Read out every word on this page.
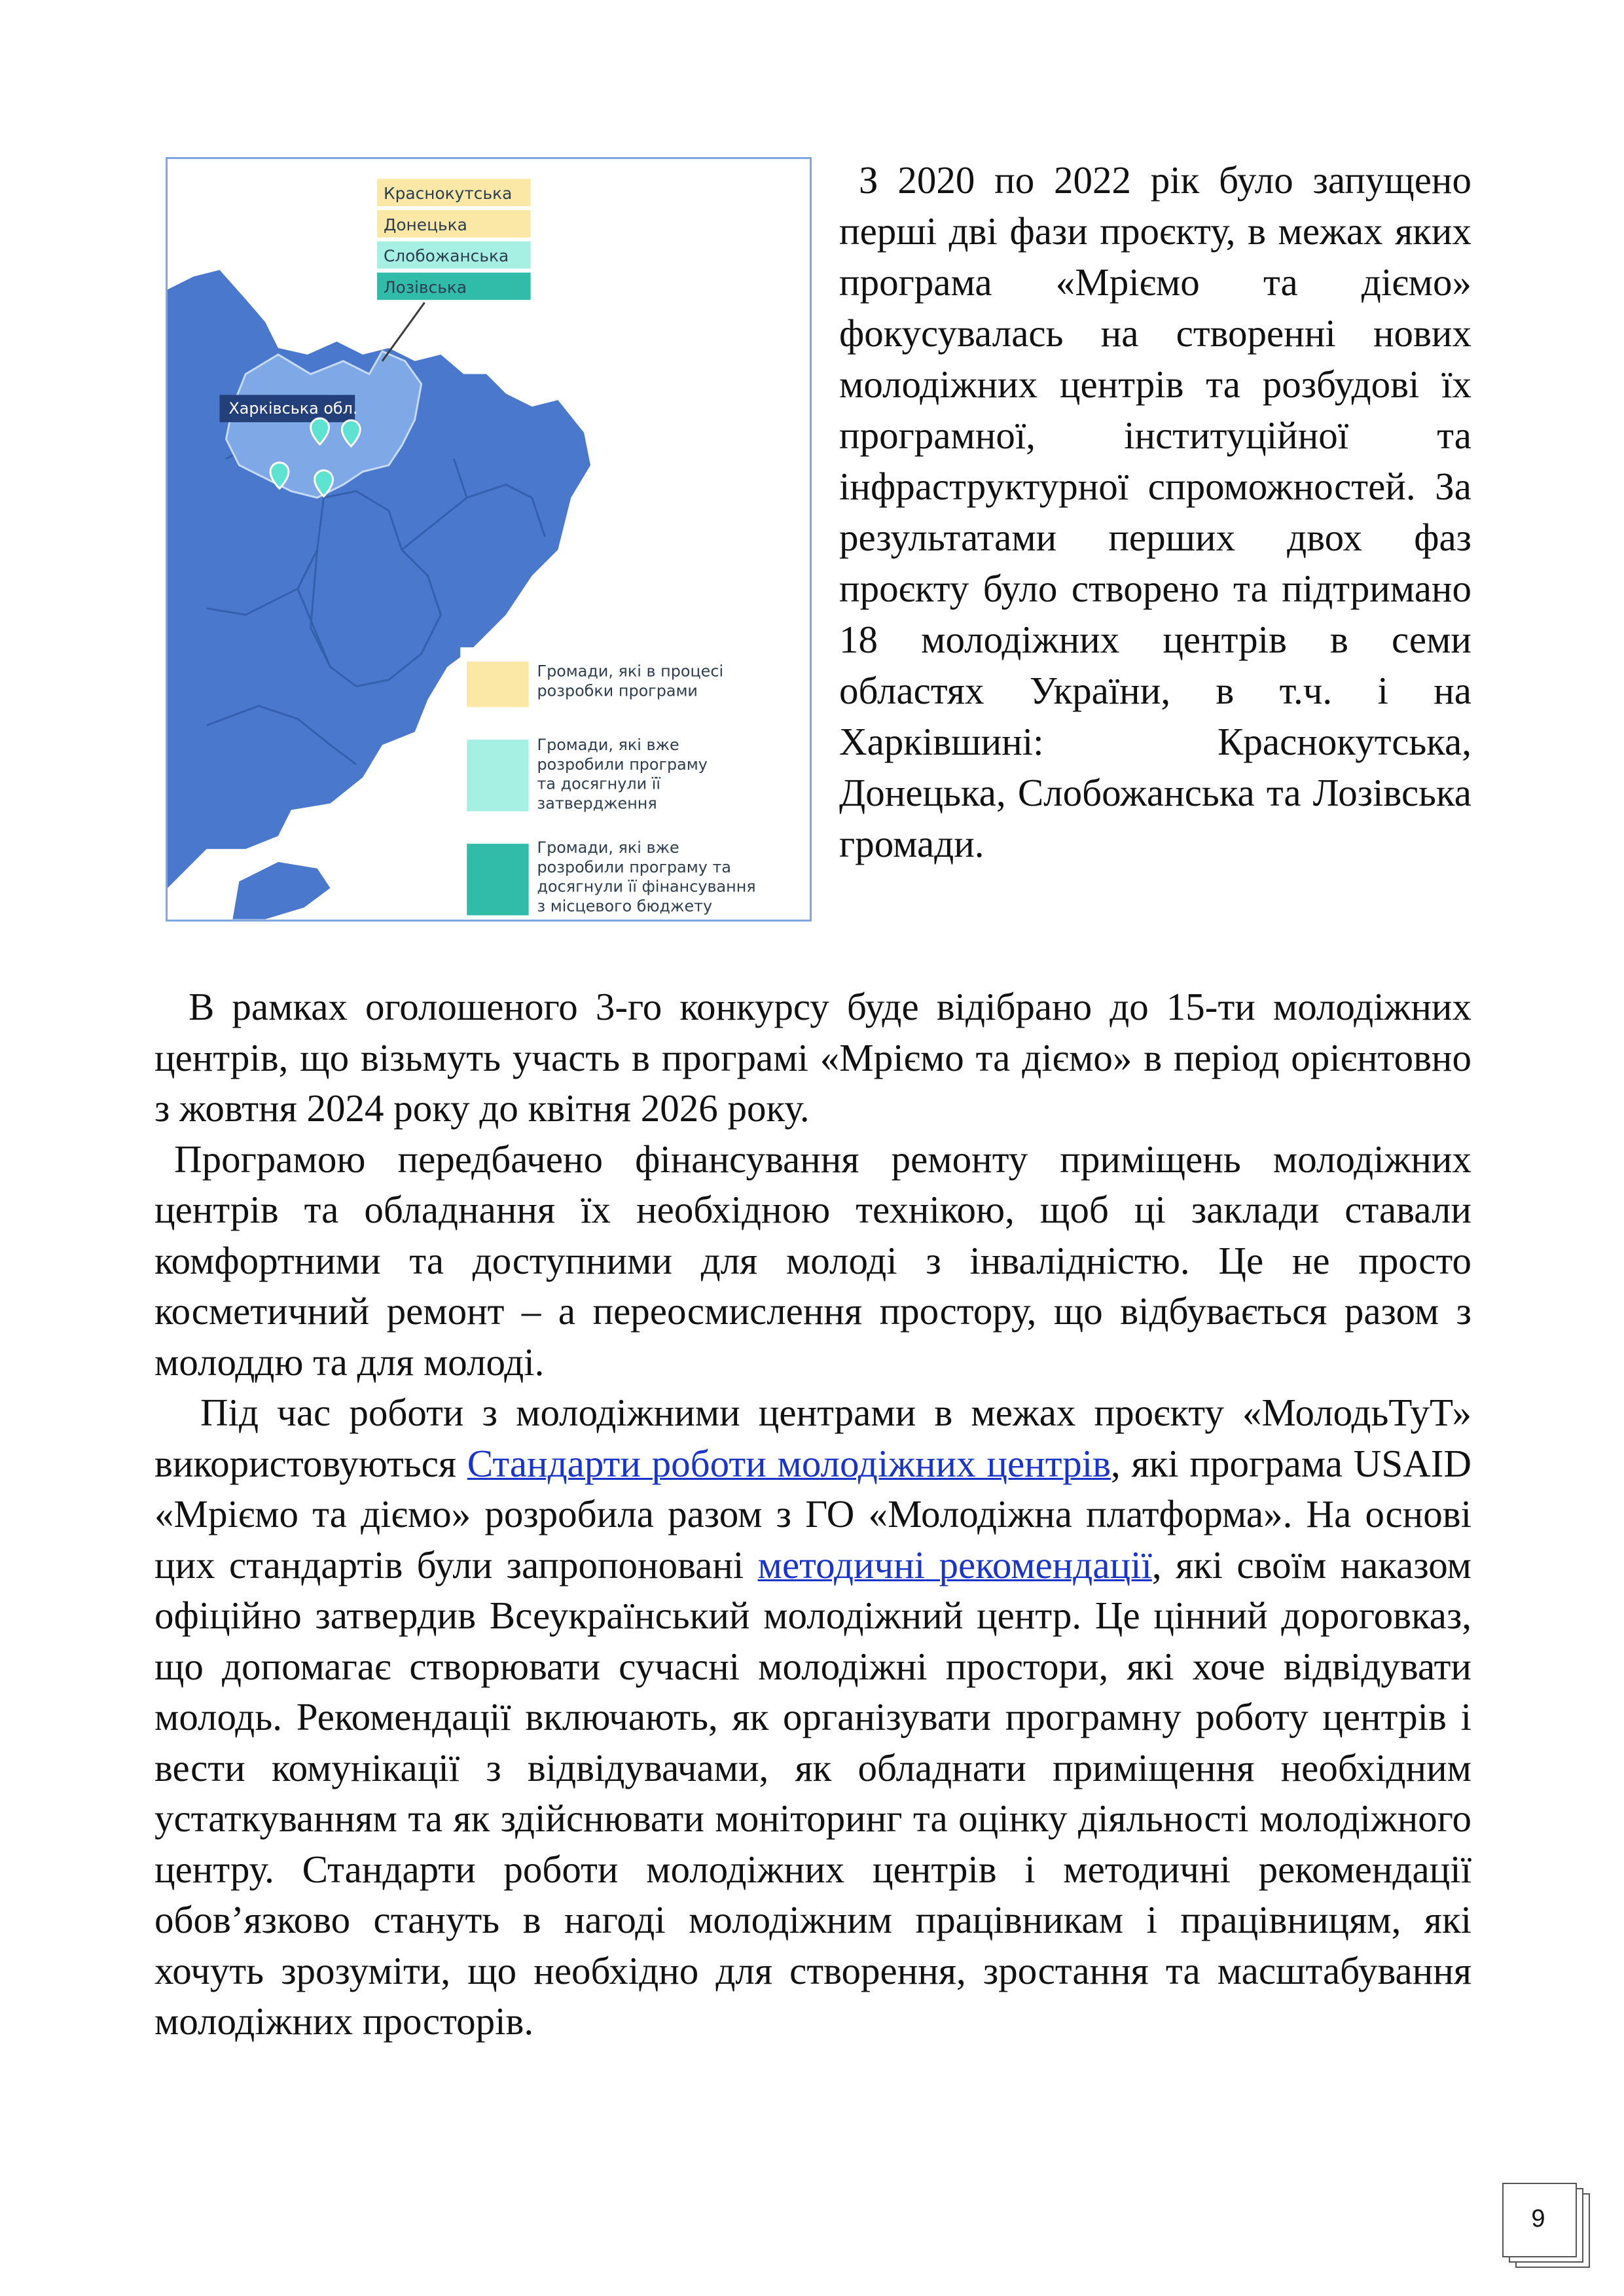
Краснокутська
Донецька
Слобожанська
Лозівська
Харківська обл.
Громади, які в процесі розробки програми
Громади, які вже розробили програму та досягнули її затвердження
Громади, які вже розробили програму та досягнули її фінансування з місцевого бюджету

З 2020 по 2022 рік було запущено перші дві фази проєкту, в межах яких програма «Мріємо та діємо» фокусувалась на створенні нових молодіжних центрів та розбудові їх програмної, інституційної та інфраструктурної спроможностей. За результатами перших двох фаз проєкту було створено та підтримано 18 молодіжних центрів в семи областях України, в т.ч. і на Харківшині: Краснокутська, Донецька, Слобожанська та Лозівська громади.

В рамках оголошеного 3-го конкурсу буде відібрано до 15-ти молодіжних центрів, що візьмуть участь в програмі «Мріємо та діємо» в період орієнтовно з жовтня 2024 року до квітня 2026 року.

Програмою передбачено фінансування ремонту приміщень молодіжних центрів та обладнання їх необхідною технікою, щоб ці заклади ставали комфортними та доступними для молоді з інвалідністю. Це не просто косметичний ремонт – а переосмислення простору, що відбувається разом з молоддю та для молоді.

Під час роботи з молодіжними центрами в межах проєкту «МолодьТуТ» використовуються Стандарти роботи молодіжних центрів, які програма USAID «Мріємо та діємо» розробила разом з ГО «Молодіжна платформа». На основі цих стандартів були запропоновані методичні рекомендації, які своїм наказом офіційно затвердив Всеукраїнський молодіжний центр. Це цінний дороговказ, що допомагає створювати сучасні молодіжні простори, які хоче відвідувати молодь. Рекомендації включають, як організувати програмну роботу центрів і вести комунікації з відвідувачами, як обладнати приміщення необхідним устаткуванням та як здійснювати моніторинг та оцінку діяльності молодіжного центру. Стандарти роботи молодіжних центрів і методичні рекомендації обов’язково стануть в нагоді молодіжним працівникам і працівницям, які хочуть зрозуміти, що необхідно для створення, зростання та масштабування молодіжних просторів.

9
